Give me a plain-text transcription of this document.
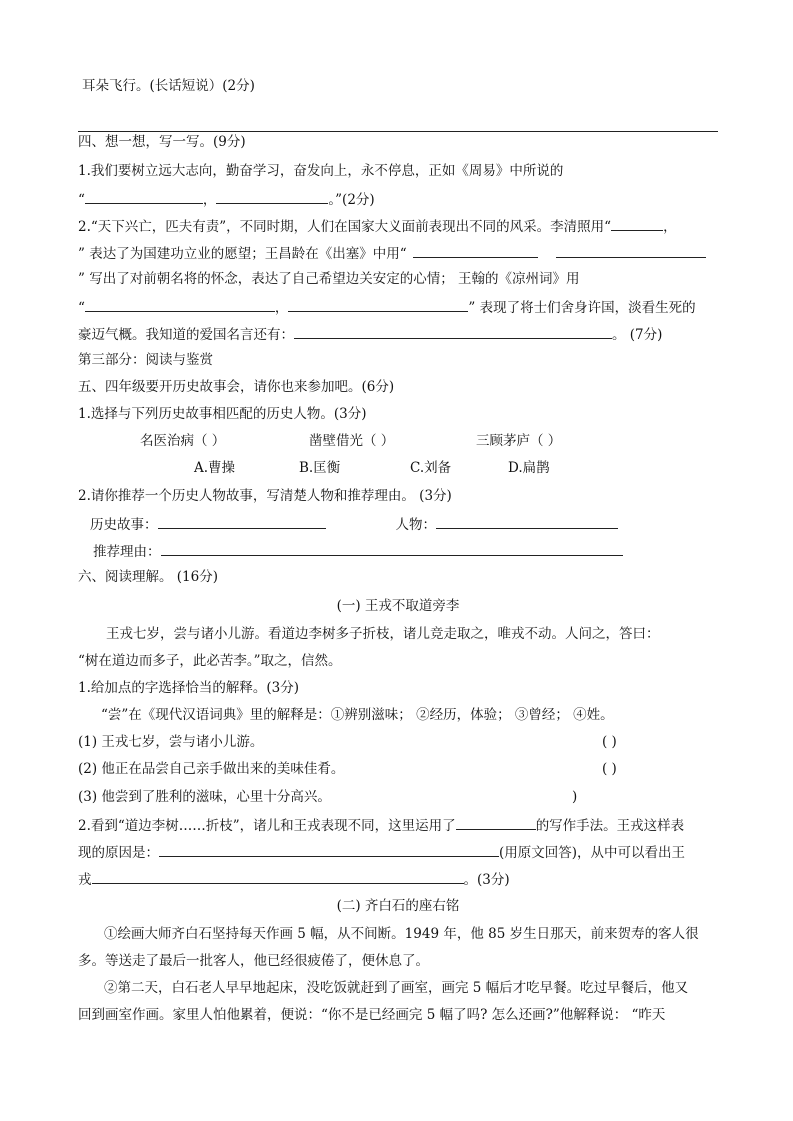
耳朵飞行。(长话短说）(2分)
四、想一想，写一写。(9分)
1.我们要树立远大志向，勤奋学习，奋发向上，永不停息，正如《周易》中所说的
“	，	。”(2分)
2.“天下兴亡，匹夫有责”，不同时期，人们在国家大义面前表现出不同的风采。李清照用“	，
” 表达了为国建功立业的愿望；王昌龄在《出塞》中用“
” 写出了对前朝名将的怀念，表达了自己希望边关安定的心情； 王翰的《凉州词》用
“	，	” 表现了将士们舍身许国，淡看生死的
豪迈气概。我知道的爱国名言还有：	。 (7分)
第三部分：阅读与鉴赏
五、四年级要开历史故事会，请你也来参加吧。(6分)
1.选择与下列历史故事相匹配的历史人物。(3分)
名医治病（ ）	凿壁借光（ ）	三顾茅庐（ ）
A.曹操	B.匡衡	C.刘备	D.扁鹊
2.请你推荐一个历史人物故事，写清楚人物和推荐理由。 (3分)
历史故事：	人物：
推荐理由：
六、阅读理解。 (16分)
(一) 王戎不取道旁李
王戎七岁，尝与诸小儿游。看道边李树多子折枝，诸儿竞走取之，唯戎不动。人问之，答曰：
“树在道边而多子，此必苦李。”取之，信然。
1.给加点的字选择恰当的解释。(3分)
“尝”在《现代汉语词典》里的解释是：①辨别滋味； ②经历，体验； ③曾经； ④姓。
(1) 王戎七岁，尝与诸小儿游。	( )
(2) 他正在品尝自己亲手做出来的美味佳肴。	( )
(3) 他尝到了胜利的滋味，心里十分高兴。	)
2.看到“道边李树……折枝”，诸儿和王戎表现不同，这里运用了	的写作手法。王戎这样表
现的原因是：	(用原文回答)，从中可以看出王
戎	。(3分)
(二) 齐白石的座右铭
①绘画大师齐白石坚持每天作画 5 幅，从不间断。1949 年，他 85 岁生日那天，前来贺寿的客人很
多。等送走了最后一批客人，他已经很疲倦了，便休息了。
②第二天，白石老人早早地起床，没吃饭就赶到了画室，画完 5 幅后才吃早餐。吃过早餐后，他又
回到画室作画。家里人怕他累着，便说：“你不是已经画完 5 幅了吗? 怎么还画?”他解释说： “昨天
